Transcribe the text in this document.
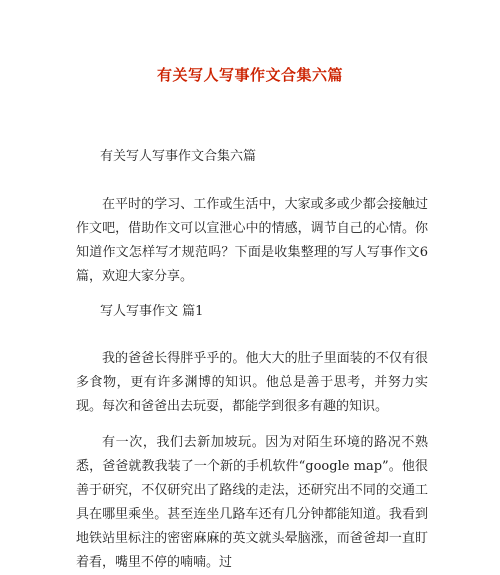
有关写人写事作文合集六篇
有关写人写事作文合集六篇
在平时的学习、工作或生活中，大家或多或少都会接触过作文吧，借助作文可以宣泄心中的情感，调节自己的心情。你知道作文怎样写才规范吗？下面是收集整理的写人写事作文6篇，欢迎大家分享。
写人写事作文 篇1
我的爸爸长得胖乎乎的。他大大的肚子里面装的不仅有很多食物，更有许多渊博的知识。他总是善于思考，并努力实现。每次和爸爸出去玩耍，都能学到很多有趣的知识。
有一次，我们去新加坡玩。因为对陌生环境的路况不熟悉，爸爸就教我装了一个新的手机软件“google map”。他很善于研究，不仅研究出了路线的走法，还研究出不同的交通工具在哪里乘坐。甚至连坐几路车还有几分钟都能知道。我看到地铁站里标注的密密麻麻的英文就头晕脑涨，而爸爸却一直盯着看，嘴里不停的喃喃。过
